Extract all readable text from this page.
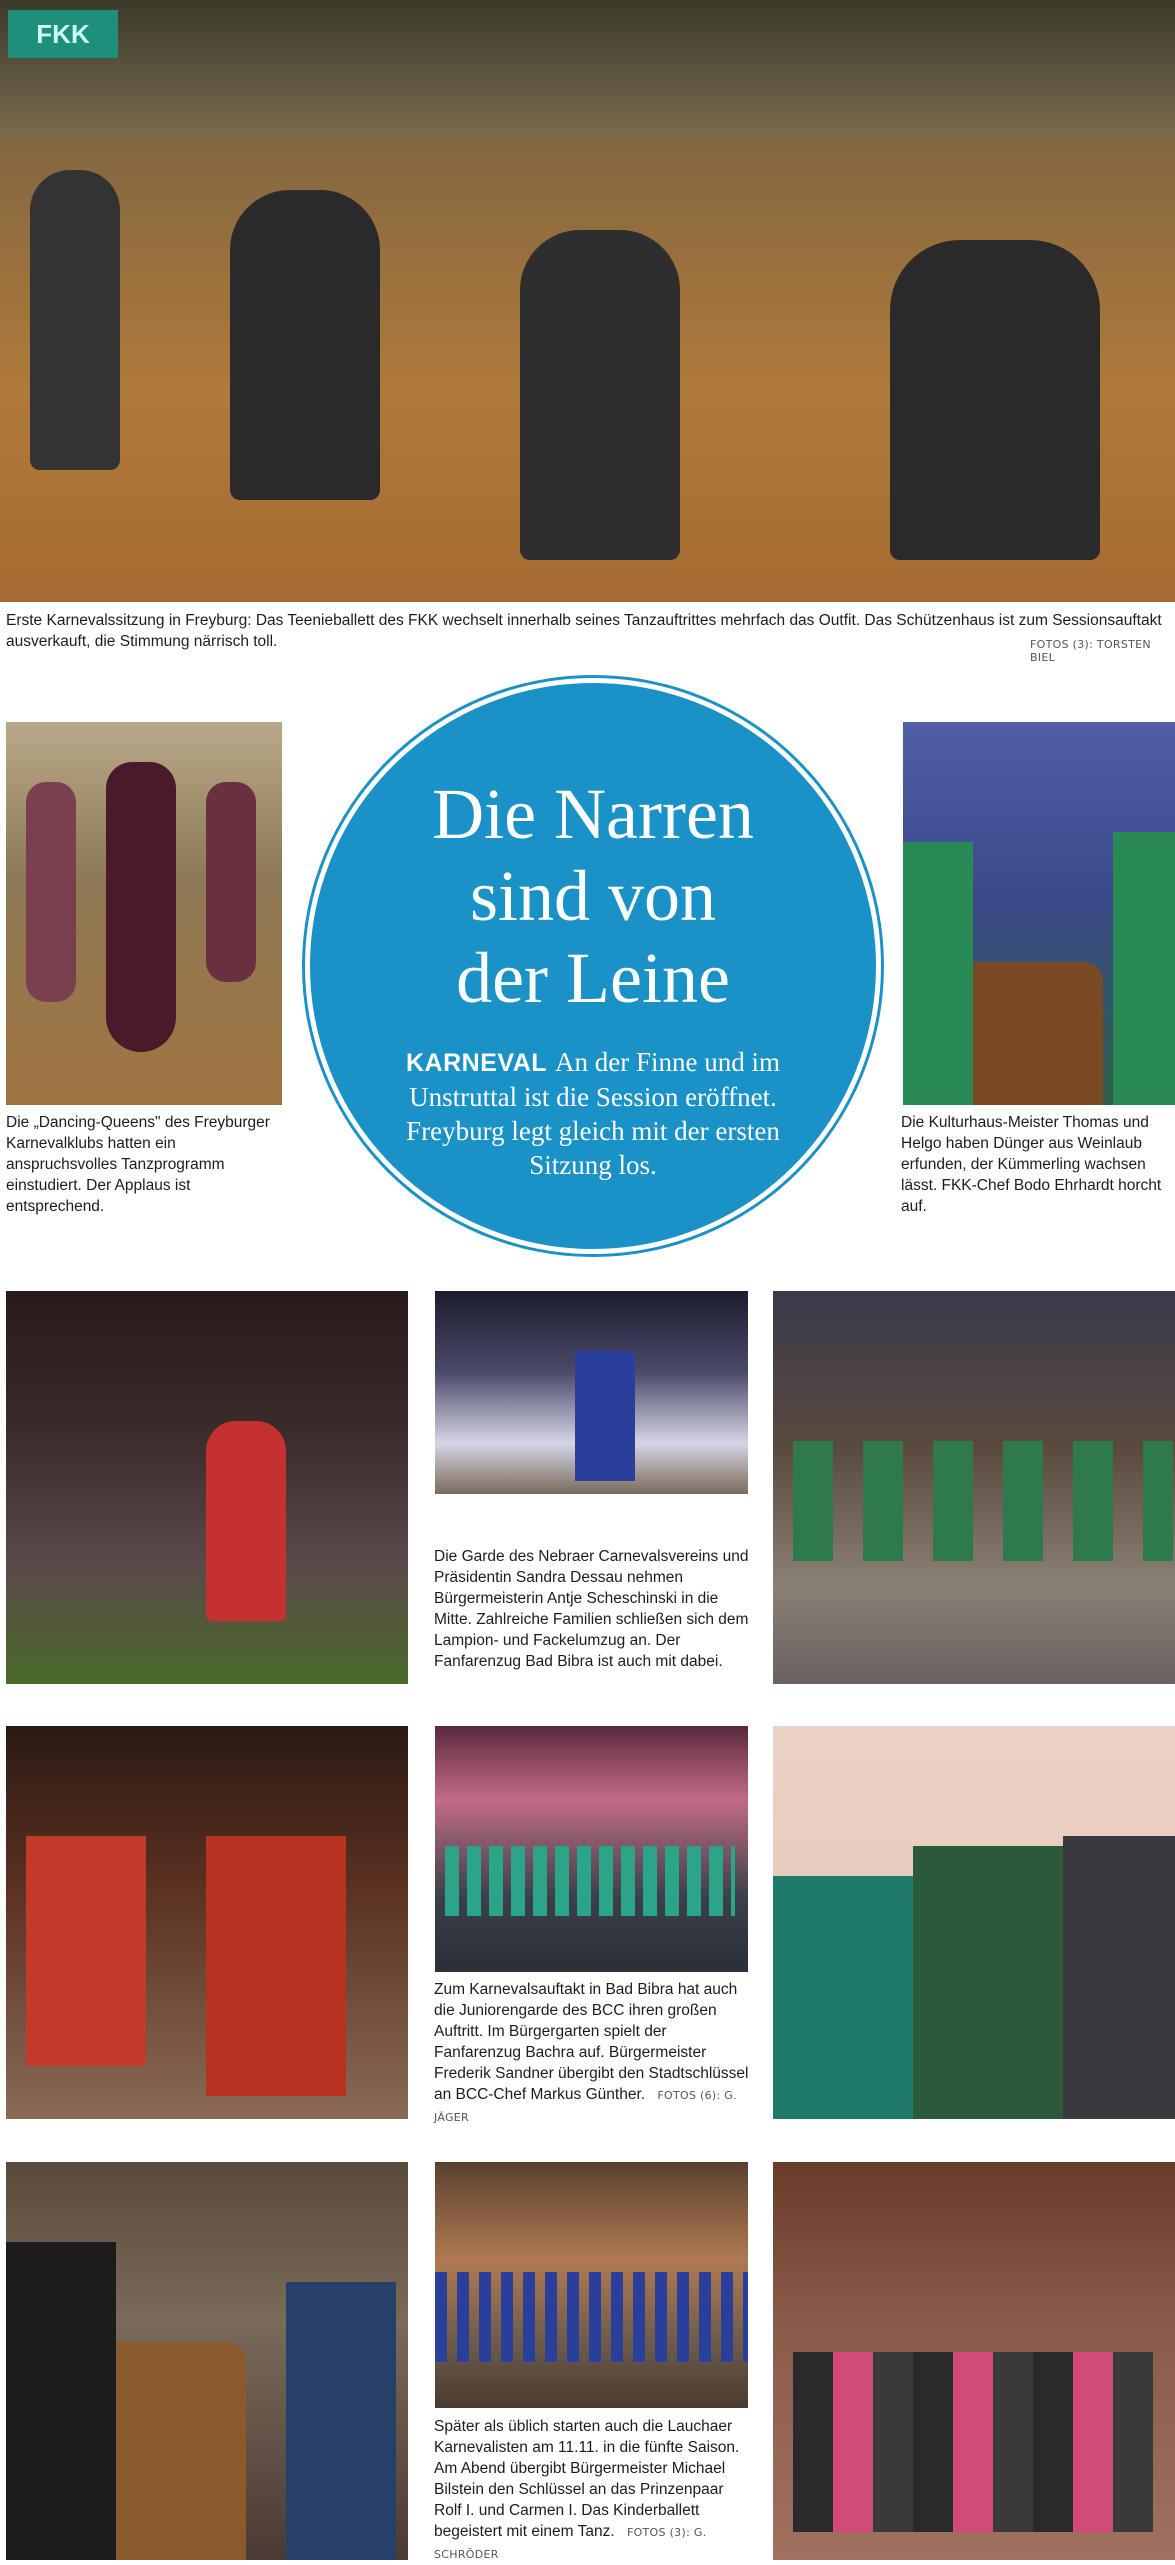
FKK
Erste Karnevalssitzung in Freyburg: Das Teenieballett des FKK wechselt innerhalb seines Tanzauftrittes mehrfach das Outfit. Das Schützenhaus ist zum Sessionsauftakt ausverkauft, die Stimmung närrisch toll.	FOTOS (3): TORSTEN BIEL
Die „Dancing-Queens" des Freyburger Karnevalklubs hatten ein anspruchsvolles Tanzprogramm einstudiert. Der Applaus ist entsprechend.
Die Narren
sind von
der Leine
KARNEVAL An der Finne und im Unstruttal ist die Session eröffnet. Freyburg legt gleich mit der ersten Sitzung los.
Die Kulturhaus-Meister Thomas und Helgo haben Dünger aus Weinlaub erfunden, der Kümmerling wachsen lässt. FKK-Chef Bodo Ehrhardt horcht auf.
Die Garde des Nebraer Carnevalsvereins und Präsidentin Sandra Dessau nehmen Bürgermeisterin Antje Scheschinski in die Mitte. Zahlreiche Familien schließen sich dem Lampion- und Fackelumzug an. Der Fanfarenzug Bad Bibra ist auch mit dabei.
Zum Karnevalsauftakt in Bad Bibra hat auch die Juniorengarde des BCC ihren großen Auftritt. Im Bürgergarten spielt der Fanfarenzug Bachra auf. Bürgermeister Frederik Sandner übergibt den Stadtschlüssel an BCC-Chef Markus Günther. FOTOS (6): G. JÄGER
Später als üblich starten auch die Lauchaer Karnevalisten am 11.11. in die fünfte Saison. Am Abend übergibt Bürgermeister Michael Bilstein den Schlüssel an das Prinzenpaar Rolf I. und Carmen I. Das Kinderballett begeistert mit einem Tanz. FOTOS (3): G. SCHRÖDER
